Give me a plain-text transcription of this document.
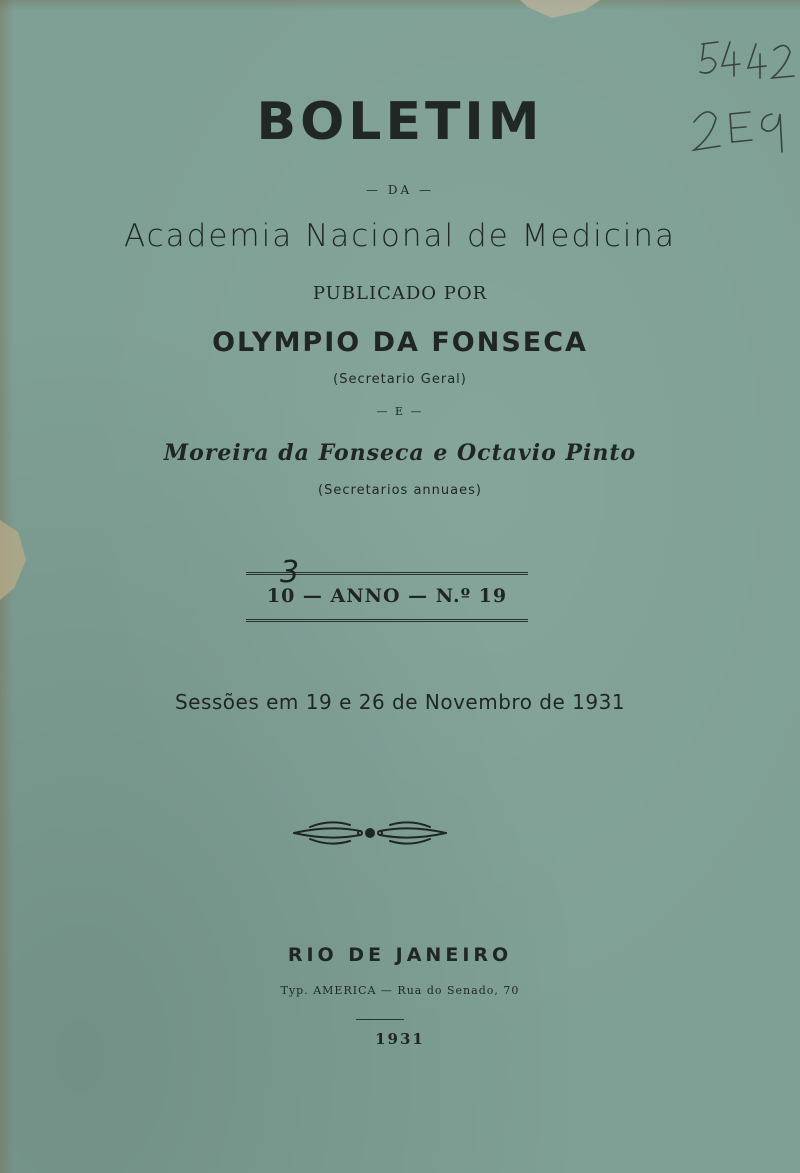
BOLETIM
— DA —
Academia Nacional de Medicina
PUBLICADO POR
OLYMPIO DA FONSECA
(Secretario Geral)
— E —
Moreira da Fonseca e Octavio Pinto
(Secretarios annuaes)
10 — ANNO — N.º 19
3
Sessões em 19 e 26 de Novembro de 1931
RIO DE JANEIRO
Typ. AMERICA — Rua do Senado, 70
1931
